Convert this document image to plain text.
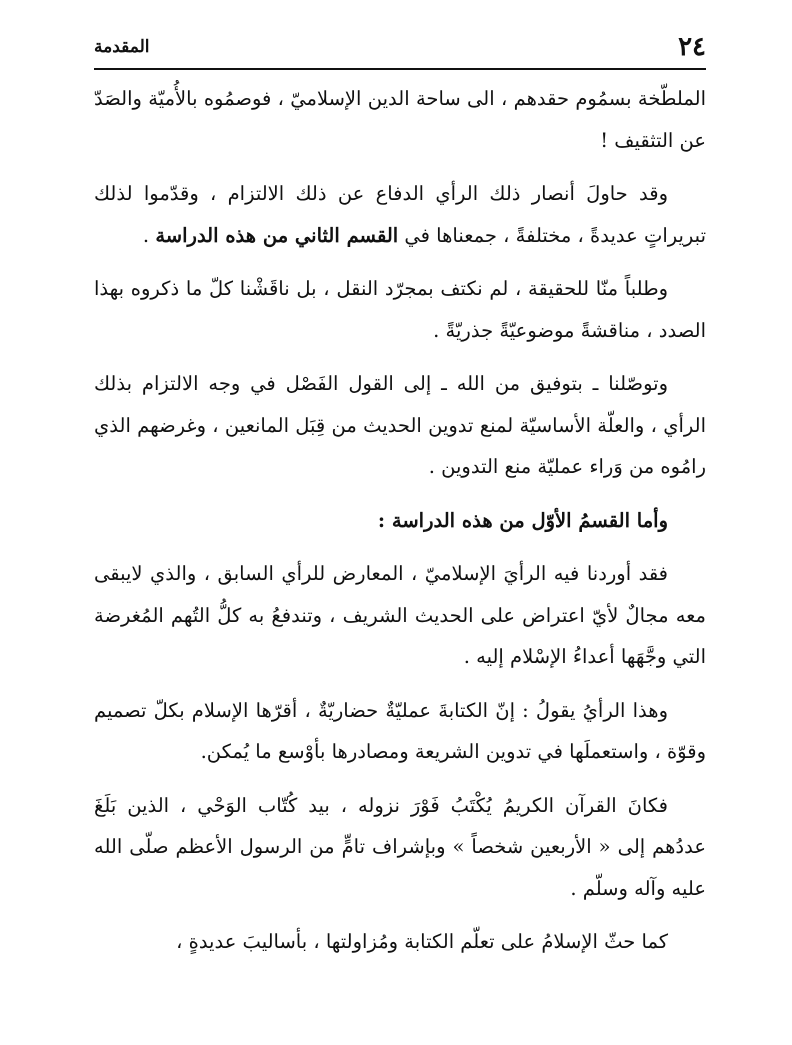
٢٤
المقدمة

الملطّخة بسمُوم حقدهم ، الى ساحة الدين الإسلاميّ ، فوصمُوه بالأُميّة والصَدّ عن التثقيف !

وقد حاولَ أنصار ذلك الرأي الدفاع عن ذلك الالتزام ، وقدّموا لذلك تبريراتٍ عديدةً ، مختلفةً ، جمعناها في القسم الثاني من هذه الدراسة .

وطلباً منّا للحقيقة ، لم نكتف بمجرّد النقل ، بل ناقَشْنا كلّ ما ذكروه بهذا الصدد ، مناقشةً موضوعيّةً جذريّةً .

وتوصّلنا ـ بتوفيق من الله ـ إلى القول الفَصْل في وجه الالتزام بذلك الرأي ، والعلّة الأساسيّة لمنع تدوين الحديث من قِبَل المانعين ، وغرضهم الذي رامُوه من وَراء عمليّة منع التدوين .

وأما القسمُ الأوّل من هذه الدراسة :

فقد أوردنا فيه الرأيَ الإسلاميّ ، المعارض للرأي السابق ، والذي لايبقى معه مجالٌ لأيّ اعتراض على الحديث الشريف ، وتندفعُ به كلُّ التُهم المُغرضة التي وجَّهَها أعداءُ الإسْلام إليه .

وهذا الرأيُ يقولُ : إنّ الكتابةَ عمليّةٌ حضاريّةٌ ، أقرّها الإسلام بكلّ تصميم وقوّة ، واستعملَها في تدوين الشريعة ومصادرها بأوْسع ما يُمكن.

فكانَ القرآن الكريمُ يُكْتَبُ فَوْرَ نزوله ، بيد كُتّاب الوَحْي ، الذين بَلَغَ عددُهم إلى « الأربعين شخصاً » وبإشراف تامٍّ من الرسول الأعظم صلّى الله عليه وآله وسلّم .

كما حثّ الإسلامُ على تعلّم الكتابة ومُزاولتها ، بأساليبَ عديدةٍ ،
